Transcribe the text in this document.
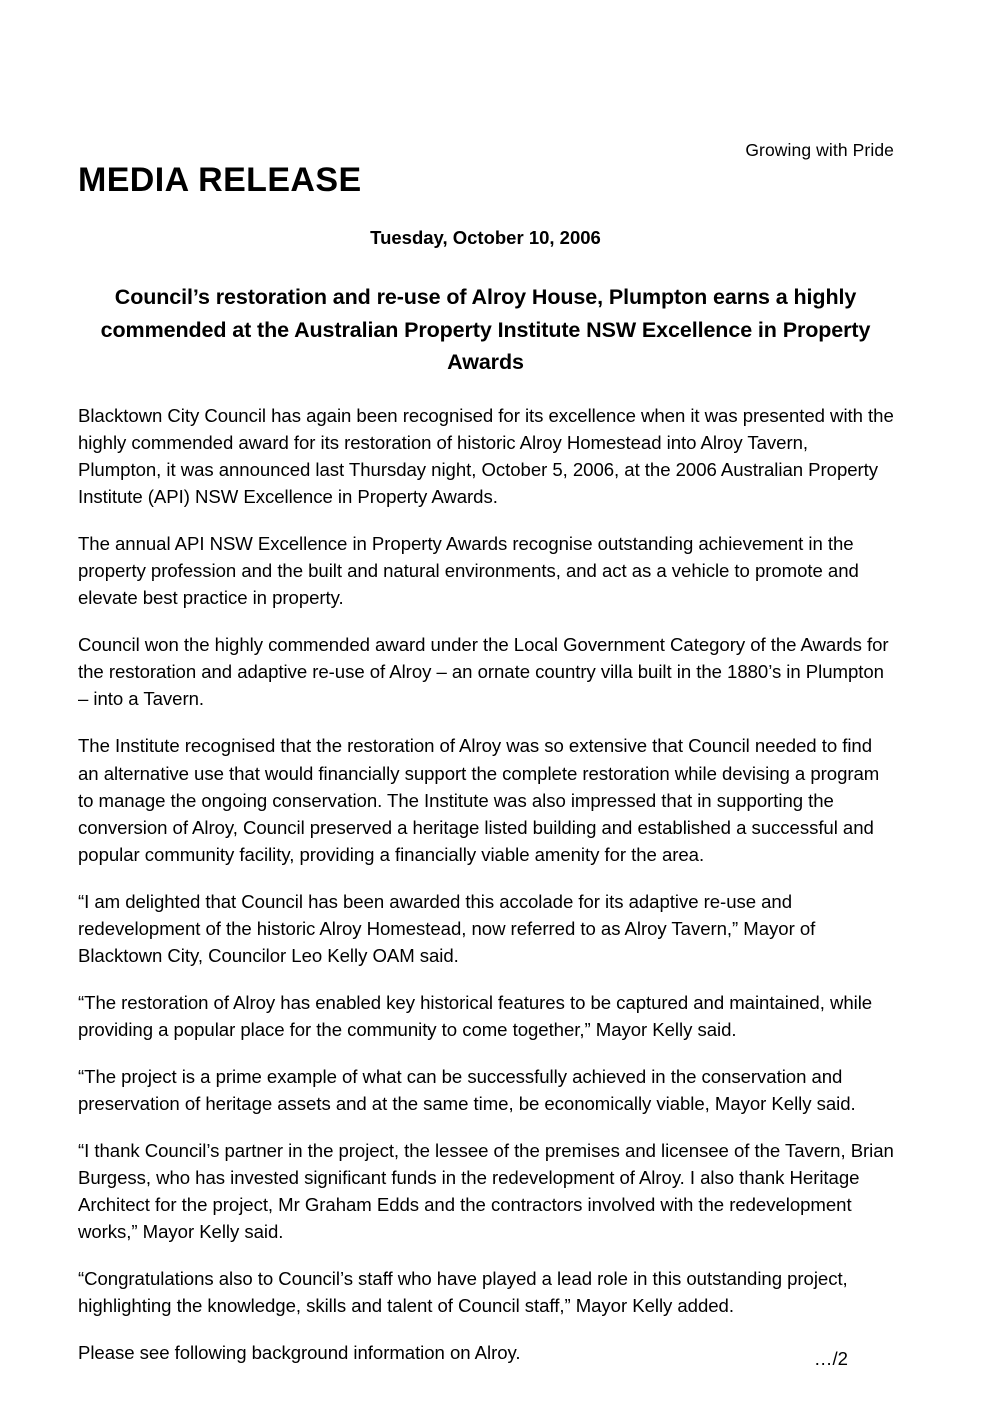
Growing with Pride
MEDIA RELEASE
Tuesday, October 10, 2006
Council’s restoration and re-use of Alroy House, Plumpton earns a highly commended at the Australian Property Institute NSW Excellence in Property Awards

Blacktown City Council has again been recognised for its excellence when it was presented with the highly commended award for its restoration of historic Alroy Homestead into Alroy Tavern, Plumpton, it was announced last Thursday night, October 5, 2006, at the 2006 Australian Property Institute (API) NSW Excellence in Property Awards.

The annual API NSW Excellence in Property Awards recognise outstanding achievement in the property profession and the built and natural environments, and act as a vehicle to promote and elevate best practice in property.

Council won the highly commended award under the Local Government Category of the Awards for the restoration and adaptive re-use of Alroy – an ornate country villa built in the 1880’s in Plumpton – into a Tavern.

The Institute recognised that the restoration of Alroy was so extensive that Council needed to find an alternative use that would financially support the complete restoration while devising a program to manage the ongoing conservation. The Institute was also impressed that in supporting the conversion of Alroy, Council preserved a heritage listed building and established a successful and popular community facility, providing a financially viable amenity for the area.

“I am delighted that Council has been awarded this accolade for its adaptive re-use and redevelopment of the historic Alroy Homestead, now referred to as Alroy Tavern,” Mayor of Blacktown City, Councilor Leo Kelly OAM said.

“The restoration of Alroy has enabled key historical features to be captured and maintained, while providing a popular place for the community to come together,” Mayor Kelly said.

“The project is a prime example of what can be successfully achieved in the conservation and preservation of heritage assets and at the same time, be economically viable, Mayor Kelly said.

“I thank Council’s partner in the project, the lessee of the premises and licensee of the Tavern, Brian Burgess, who has invested significant funds in the redevelopment of Alroy. I also thank Heritage Architect for the project, Mr Graham Edds and the contractors involved with the redevelopment works,” Mayor Kelly said.

“Congratulations also to Council’s staff who have played a lead role in this outstanding project, highlighting the knowledge, skills and talent of Council staff,” Mayor Kelly added.

Please see following background information on Alroy.	…/2
